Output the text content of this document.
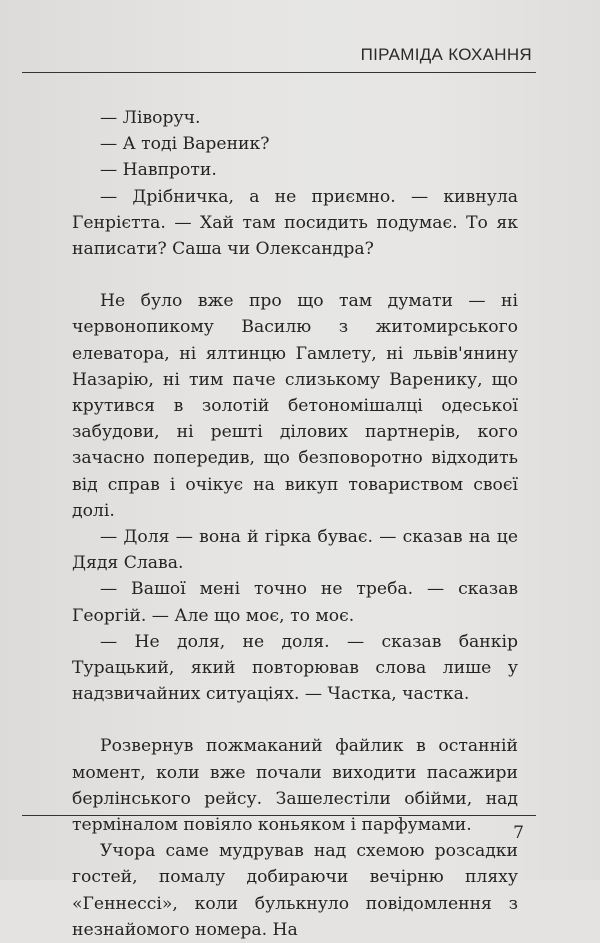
ПІРАМІДА КОХАННЯ

— Ліворуч.

— А тоді Вареник?

— Навпроти.

— Дрібничка, а не приємно. — кивнула Генрієтта. — Хай там посидить подумає. То як написати? Саша чи Олександра?

Не було вже про що там думати — ні червонопикому Василю з житомирського елеватора, ні ялтинцю Гамлету, ні львів'янину Назарію, ні тим паче слизькому Варенику, що крутився в золотій бетономішалці одеської забудови, ні решті ділових партнерів, кого зачасно попередив, що безповоротно відходить від справ і очікує на викуп товариством своєї долі.

— Доля — вона й гірка буває. — сказав на це Дядя Слава.

— Вашої мені точно не треба. — сказав Георгій. — Але що моє, то моє.

— Не доля, не доля. — сказав банкір Турацький, який повторював слова лише у надзвичайних ситуаціях. — Частка, частка.

Розвернув пожмаканий файлик в останній момент, коли вже почали виходити пасажири берлінського рейсу. Зашелестіли обійми, над терміналом повіяло коньяком і парфумами.

Учора саме мудрував над схемою розсадки гостей, помалу добираючи вечірню пляху «Геннессі», коли булькнуло повідомлення з незнайомого номера. На

7
